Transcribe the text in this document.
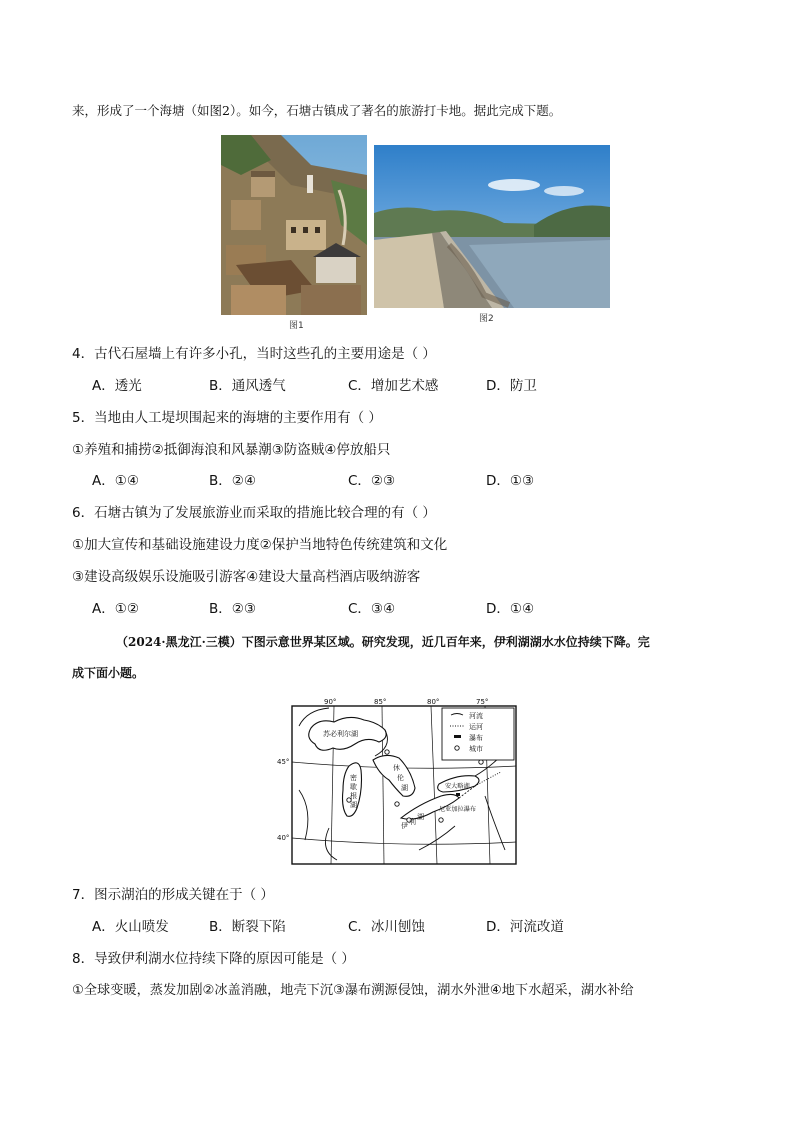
来，形成了一个海塘（如图2）。如今，石塘古镇成了著名的旅游打卡地。据此完成下题。
图1
图2
4．古代石屋墙上有许多小孔，当时这些孔的主要用途是（ ）
A．透光	B．通风透气	C．增加艺术感	D．防卫
5．当地由人工堤坝围起来的海塘的主要作用有（ ）
①养殖和捕捞②抵御海浪和风暴潮③防盗贼④停放船只
A．①④	B．②④	C．②③	D．①③
6．石塘古镇为了发展旅游业而采取的措施比较合理的有（ ）
①加大宣传和基础设施建设力度②保护当地特色传统建筑和文化
③建设高级娱乐设施吸引游客④建设大量高档酒店吸纳游客
A．①②	B．②③	C．③④	D．①④
（2024·黑龙江·三模）下图示意世界某区域。研究发现，近几百年来，伊利湖湖水水位持续下降。完
成下面小题。
90°	85°	80°	75°
45°
40°
苏必利尔湖
密
歇
根
湖
休
伦
湖	安大略湖
伊 利
湖
尼亚加拉瀑布
河流
运河
瀑布
城市
7．图示湖泊的形成关键在于（ ）
A．火山喷发	B．断裂下陷	C．冰川刨蚀	D．河流改道
8．导致伊利湖水位持续下降的原因可能是（ ）
①全球变暖，蒸发加剧②冰盖消融，地壳下沉③瀑布溯源侵蚀，湖水外泄④地下水超采，湖水补给
